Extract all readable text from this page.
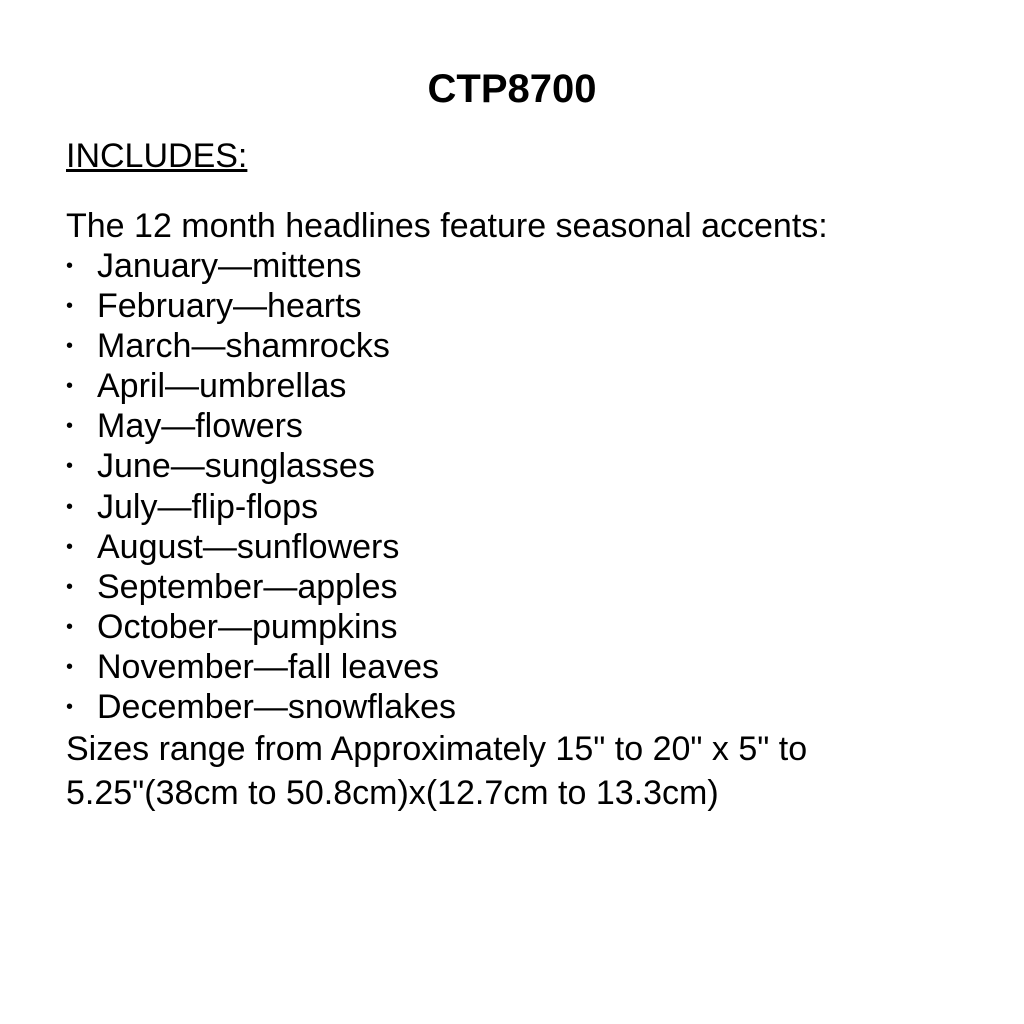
CTP8700
INCLUDES:
The 12 month headlines feature seasonal accents:
• January—mittens
• February—hearts
• March—shamrocks
• April—umbrellas
• May—flowers
• June—sunglasses
• July—flip-flops
• August—sunflowers
• September—apples
• October—pumpkins
• November—fall leaves
• December—snowflakes
Sizes range from Approximately 15" to 20" x 5" to
5.25"(38cm to 50.8cm)x(12.7cm to 13.3cm)
